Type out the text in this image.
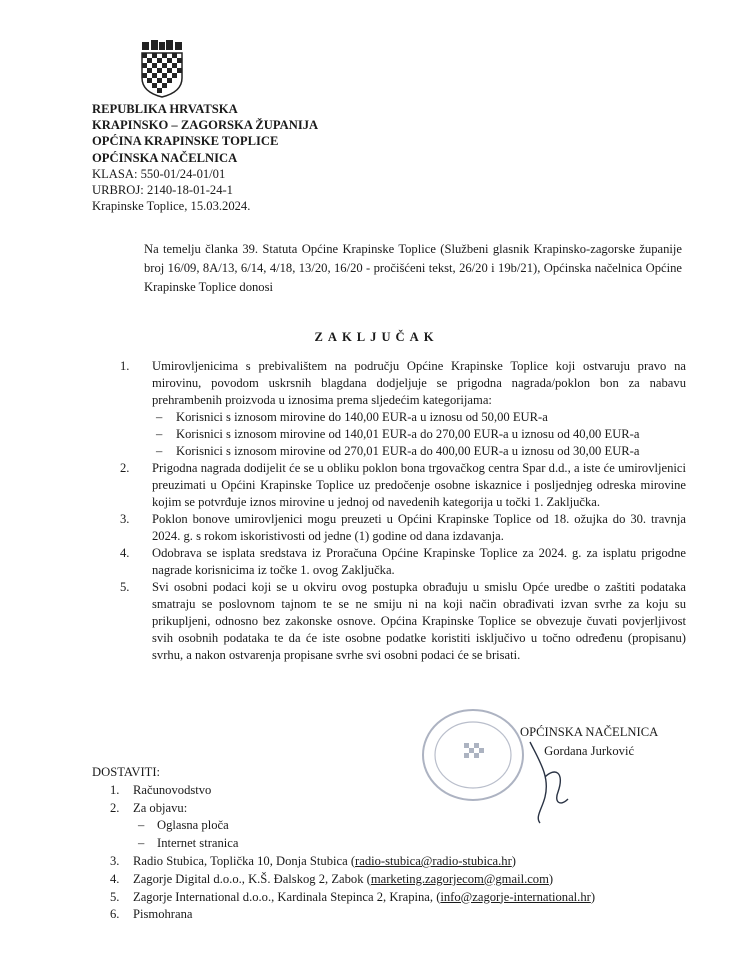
REPUBLIKA HRVATSKA
KRAPINSKO – ZAGORSKA ŽUPANIJA
OPĆINA KRAPINSKE TOPLICE
OPĆINSKA NAČELNICA
KLASA: 550-01/24-01/01
URBROJ: 2140-18-01-24-1
Krapinske Toplice, 15.03.2024.
Na temelju članka 39. Statuta Općine Krapinske Toplice (Službeni glasnik Krapinsko-zagorske županije broj 16/09, 8A/13, 6/14, 4/18, 13/20, 16/20 - pročišćeni tekst, 26/20 i 19b/21), Općinska načelnica Općine Krapinske Toplice donosi
ZAKLJUČAK
1. Umirovljenicima s prebivalištem na području Općine Krapinske Toplice koji ostvaruju pravo na mirovinu, povodom uskrsnih blagdana dodjeljuje se prigodna nagrada/poklon bon za nabavu prehrambenih proizvoda u iznosima prema sljedećim kategorijama:
– Korisnici s iznosom mirovine do 140,00 EUR-a u iznosu od 50,00 EUR-a
– Korisnici s iznosom mirovine od 140,01 EUR-a do 270,00 EUR-a u iznosu od 40,00 EUR-a
– Korisnici s iznosom mirovine od 270,01 EUR-a do 400,00 EUR-a u iznosu od 30,00 EUR-a
2. Prigodna nagrada dodijelit će se u obliku poklon bona trgovačkog centra Spar d.d., a iste će umirovljenici preuzimati u Općini Krapinske Toplice uz predočenje osobne iskaznice i posljednjeg odreska mirovine kojim se potvrđuje iznos mirovine u jednoj od navedenih kategorija u točki 1. Zaključka.
3. Poklon bonove umirovljenici mogu preuzeti u Općini Krapinske Toplice od 18. ožujka do 30. travnja 2024. g. s rokom iskoristivosti od jedne (1) godine od dana izdavanja.
4. Odobrava se isplata sredstava iz Proračuna Općine Krapinske Toplice za 2024. g. za isplatu prigodne nagrade korisnicima iz točke 1. ovog Zaključka.
5. Svi osobni podaci koji se u okviru ovog postupka obrađuju u smislu Opće uredbe o zaštiti podataka smatraju se poslovnom tajnom te se ne smiju ni na koji način obrađivati izvan svrhe za koju su prikupljeni, odnosno bez zakonske osnove. Općina Krapinske Toplice se obvezuje čuvati povjerljivost svih osobnih podataka te da će iste osobne podatke koristiti isključivo u točno određenu (propisanu) svrhu, a nakon ostvarenja propisane svrhe svi osobni podaci će se brisati.
OPĆINSKA NAČELNICA
Gordana Jurković
DOSTAVITI:
1. Računovodstvo
2. Za objavu:
– Oglasna ploča
– Internet stranica
3. Radio Stubica, Toplička 10, Donja Stubica (radio-stubica@radio-stubica.hr)
4. Zagorje Digital d.o.o., K.Š. Đalskog 2, Zabok (marketing.zagorjecom@gmail.com)
5. Zagorje International d.o.o., Kardinala Stepinca 2, Krapina, (info@zagorje-international.hr)
6. Pismohrana
